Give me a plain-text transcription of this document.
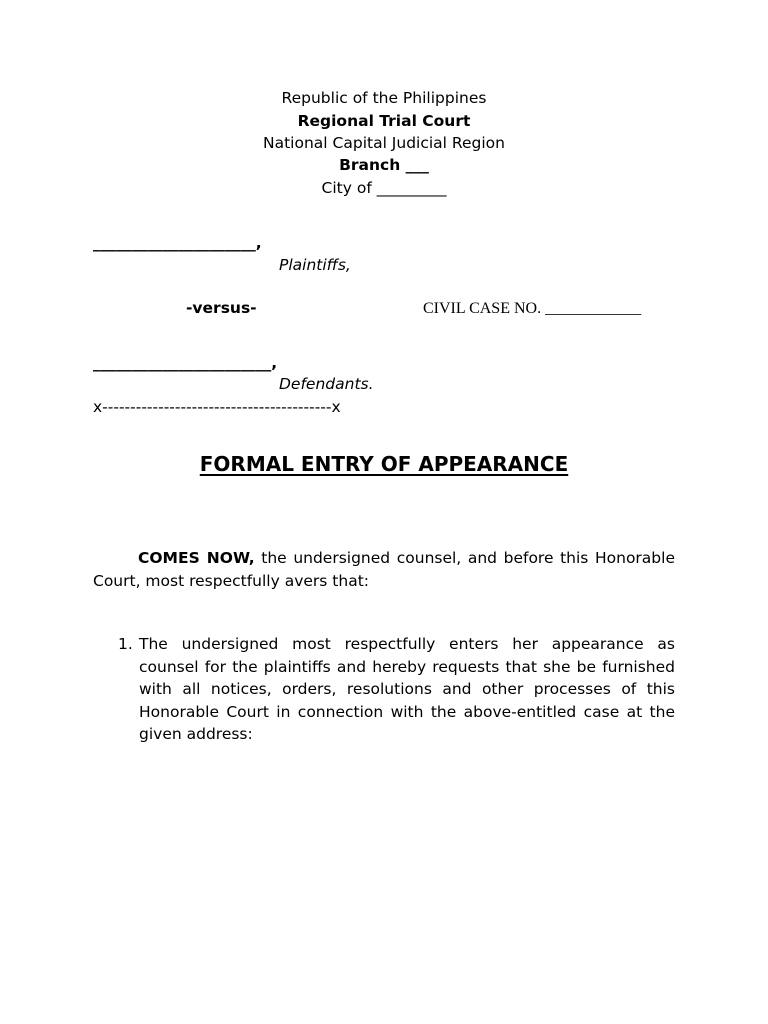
Republic of the Philippines
Regional Trial Court
National Capital Judicial Region
Branch ___
City of _________
_____________________,
Plaintiffs,
-versus-	CIVIL CASE NO. ____________
_______________________,
Defendants.
x-----------------------------------------x
FORMAL ENTRY OF APPEARANCE
COMES NOW, the undersigned counsel, and before this Honorable Court, most respectfully avers that:
1. The undersigned most respectfully enters her appearance as counsel for the plaintiffs and hereby requests that she be furnished with all notices, orders, resolutions and other processes of this Honorable Court in connection with the above-entitled case at the given address:
